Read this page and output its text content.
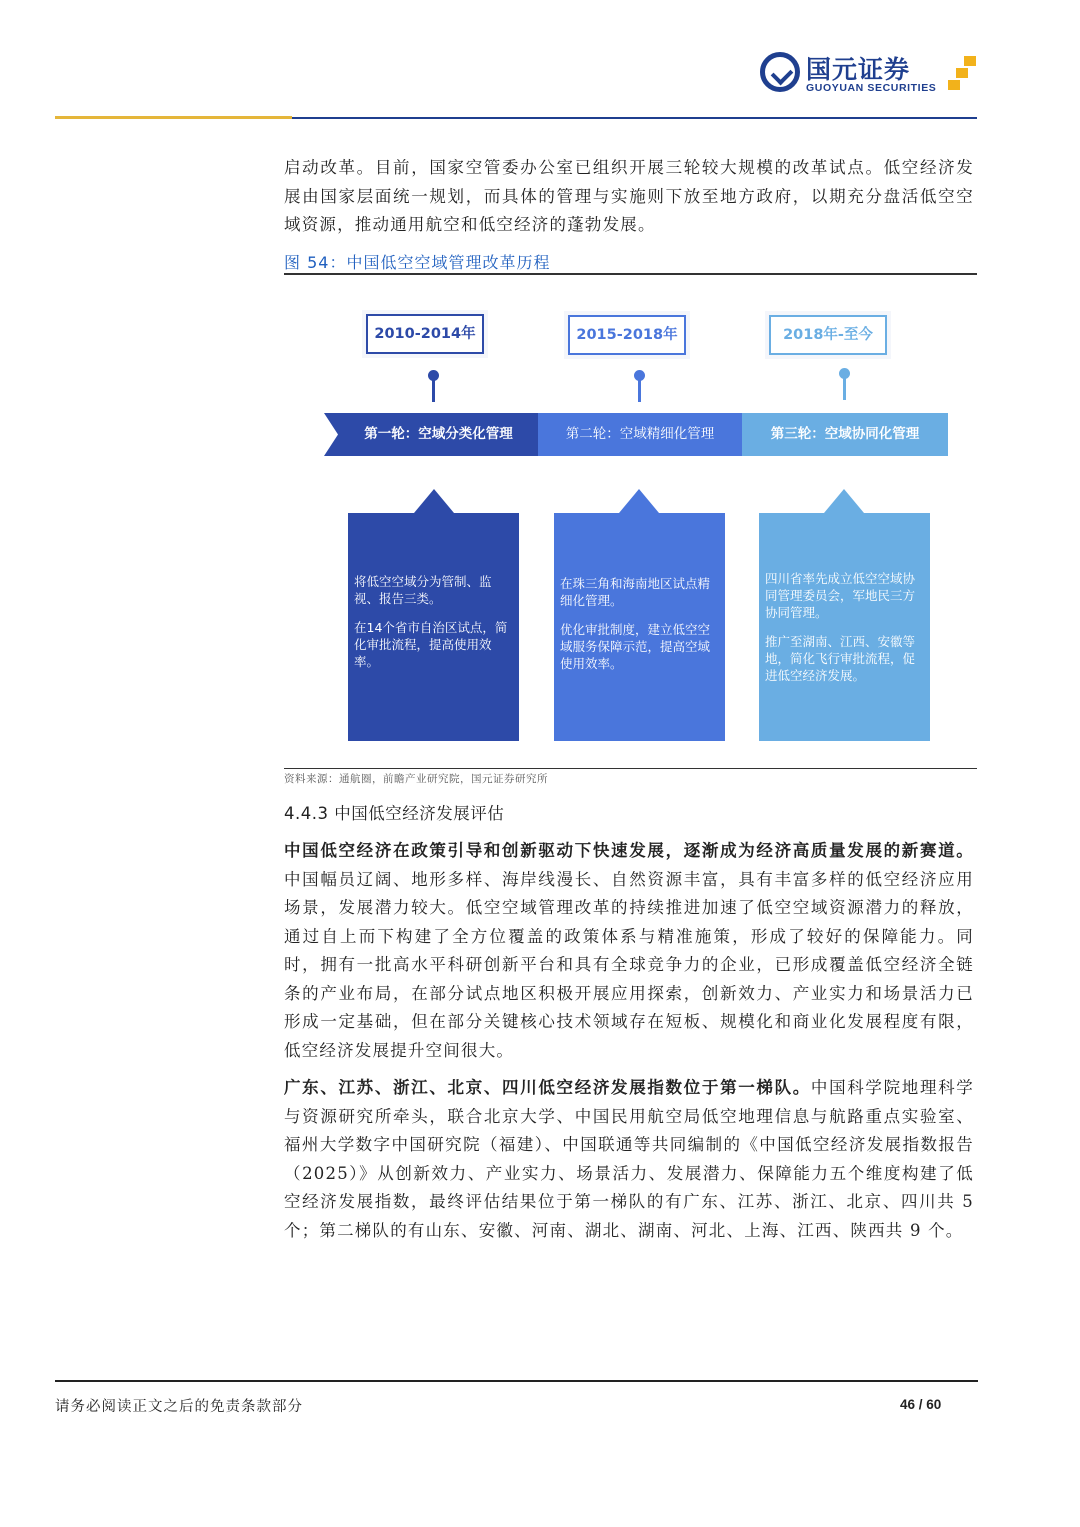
国元证券
GUOYUAN SECURITIES
启动改革。目前，国家空管委办公室已组织开展三轮较大规模的改革试点。低空经济发展由国家层面统一规划，而具体的管理与实施则下放至地方政府，以期充分盘活低空空域资源，推动通用航空和低空经济的蓬勃发展。
图 54：中国低空空域管理改革历程
2010-2014年	2015-2018年	2018年-至今
第一轮：空域分类化管理	第二轮：空域精细化管理	第三轮：空域协同化管理

将低空空域分为管制、监视、报告三类。

在14个省市自治区试点，简化审批流程，提高使用效率。

在珠三角和海南地区试点精细化管理。

优化审批制度，建立低空空域服务保障示范，提高空域使用效率。

四川省率先成立低空空域协同管理委员会，军地民三方协同管理。

推广至湖南、江西、安徽等地，简化飞行审批流程，促进低空经济发展。

资料来源：通航圈，前瞻产业研究院，国元证券研究所
4.4.3 中国低空经济发展评估
中国低空经济在政策引导和创新驱动下快速发展，逐渐成为经济高质量发展的新赛道。中国幅员辽阔、地形多样、海岸线漫长、自然资源丰富，具有丰富多样的低空经济应用场景，发展潜力较大。低空空域管理改革的持续推进加速了低空空域资源潜力的释放，通过自上而下构建了全方位覆盖的政策体系与精准施策，形成了较好的保障能力。同时，拥有一批高水平科研创新平台和具有全球竞争力的企业，已形成覆盖低空经济全链条的产业布局，在部分试点地区积极开展应用探索，创新效力、产业实力和场景活力已形成一定基础，但在部分关键核心技术领域存在短板、规模化和商业化发展程度有限，低空经济发展提升空间很大。
广东、江苏、浙江、北京、四川低空经济发展指数位于第一梯队。中国科学院地理科学与资源研究所牵头，联合北京大学、中国民用航空局低空地理信息与航路重点实验室、福州大学数字中国研究院（福建）、中国联通等共同编制的《中国低空经济发展指数报告（2025）》从创新效力、产业实力、场景活力、发展潜力、保障能力五个维度构建了低空经济发展指数，最终评估结果位于第一梯队的有广东、江苏、浙江、北京、四川共 5 个；第二梯队的有山东、安徽、河南、湖北、湖南、河北、上海、江西、陕西共 9 个。
请务必阅读正文之后的免责条款部分	46 / 60
